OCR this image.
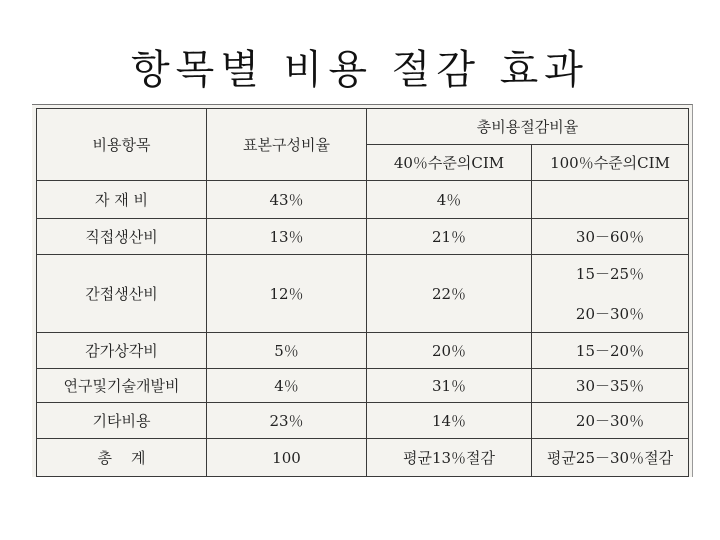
항목별 비용 절감 효과
비용항목	표본구성비율	총비용절감비율	
		40％수준의CIM	100％수준의CIM
자 재 비	43％	4％	
직접생산비	13％	21％	30－60％
간접생산비	12％	22％	15－25％
20－30％

감가상각비	5％	20％	15－20％
연구및기술개발비	4％	31％	30－35％
기타비용	23％	14％	20－30％
총    계	100	평균13％절감	평균25－30％절감
